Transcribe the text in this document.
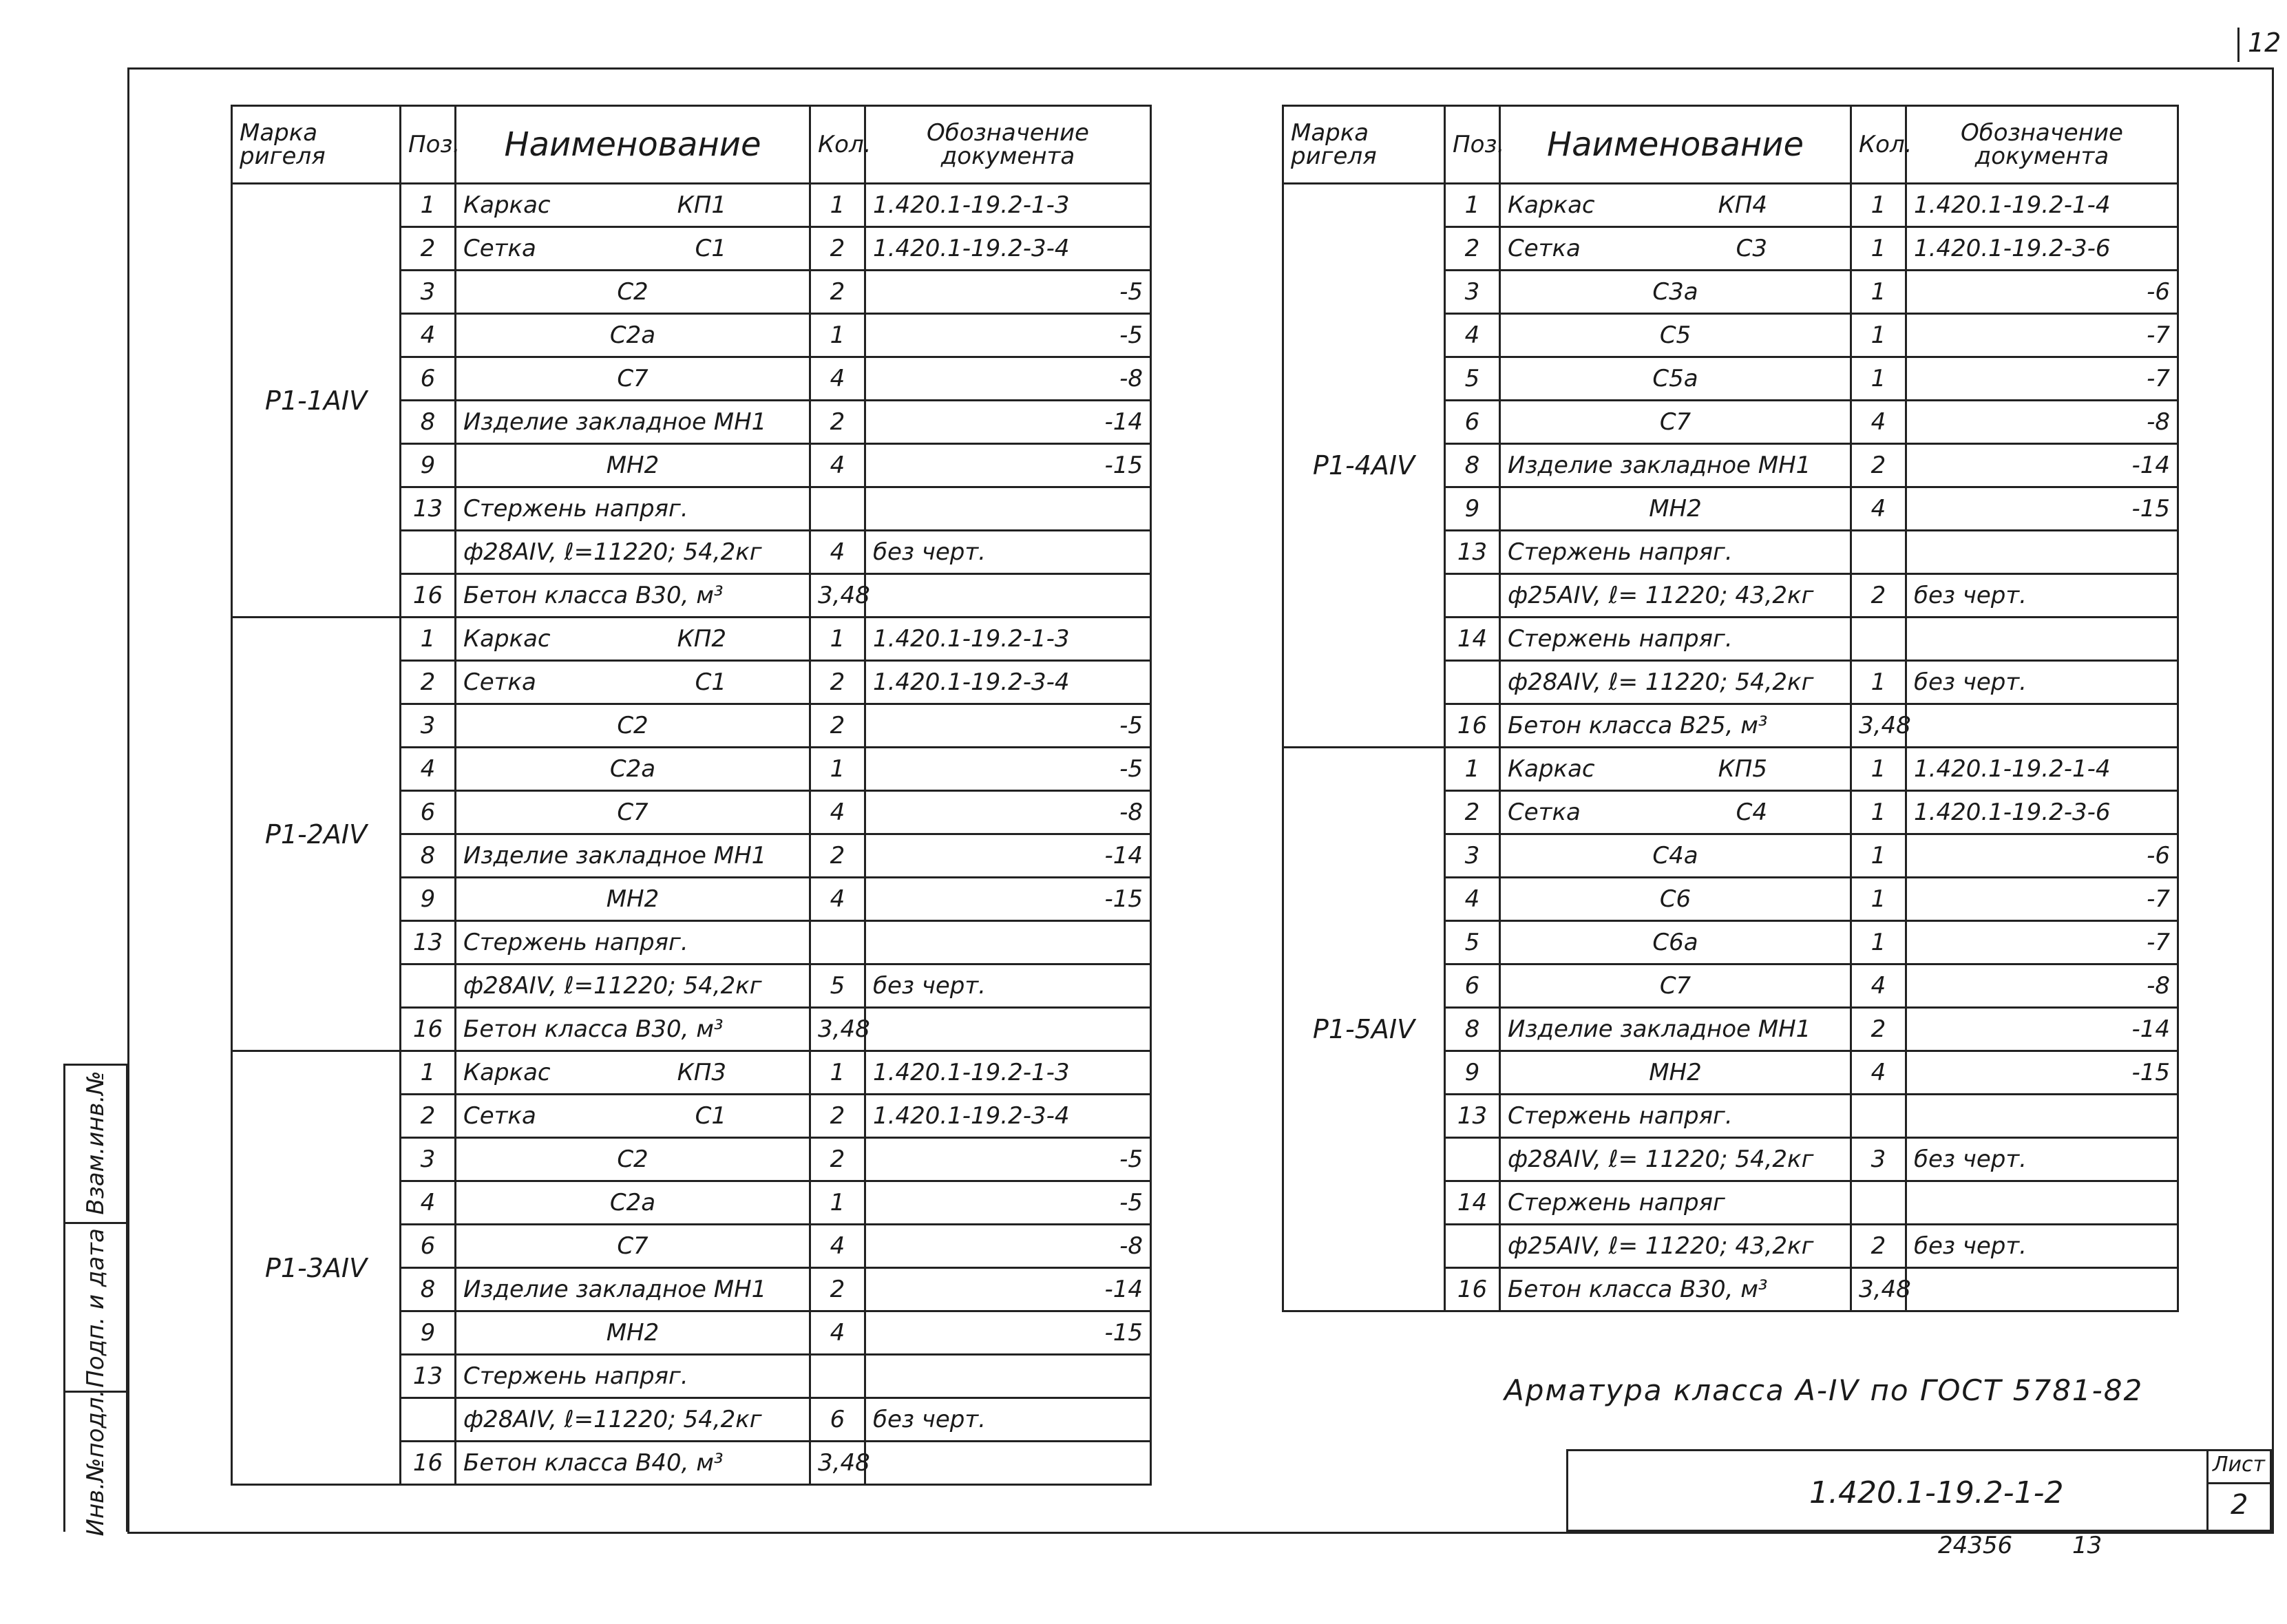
12
Взам.инв.№
Подп. и дата
Инв.№подл.
Марка ригеля	Поз.	Наименование	Кол.	Обозначение документа
Р1-1АIV	1	Каркас КП1	1	1.420.1-19.2-1-3
	2	Сетка С1	2	1.420.1-19.2-3-4
	3	С2	2	-5
	4	С2а	1	-5
	6	С7	4	-8
	8	Изделие закладное МН1	2	-14
	9	МН2	4	-15
	13	Стержень напряг.		

		ф28АIV, ℓ=11220; 54,2кг	4	без черт.
	16	Бетон класса В30, м³	3,48	
Р1-2АIV	1	Каркас КП2	1	1.420.1-19.2-1-3
	2	Сетка С1	2	1.420.1-19.2-3-4
	3	С2	2	-5
	4	С2а	1	-5
	6	С7	4	-8
	8	Изделие закладное МН1	2	-14
	9	МН2	4	-15
	13	Стержень напряг.		

		ф28АIV, ℓ=11220; 54,2кг	5	без черт.
	16	Бетон класса В30, м³	3,48	
Р1-3АIV	1	Каркас КП3	1	1.420.1-19.2-1-3
	2	Сетка С1	2	1.420.1-19.2-3-4
	3	С2	2	-5
	4	С2а	1	-5
	6	С7	4	-8
	8	Изделие закладное МН1	2	-14
	9	МН2	4	-15
	13	Стержень напряг.		

		ф28АIV, ℓ=11220; 54,2кг	6	без черт.
	16	Бетон класса В40, м³	3,48	
Марка ригеля	Поз.	Наименование	Кол.	Обозначение документа
Р1-4АIV	1	Каркас КП4	1	1.420.1-19.2-1-4
	2	Сетка С3	1	1.420.1-19.2-3-6
	3	С3а	1	-6
	4	С5	1	-7
	5	С5а	1	-7
	6	С7	4	-8
	8	Изделие закладное МН1	2	-14
	9	МН2	4	-15
	13	Стержень напряг.		

		ф25АIV, ℓ= 11220; 43,2кг	2	без черт.
	14	Стержень напряг.		

		ф28АIV, ℓ= 11220; 54,2кг	1	без черт.
	16	Бетон класса В25, м³	3,48	
Р1-5АIV	1	Каркас КП5	1	1.420.1-19.2-1-4
	2	Сетка С4	1	1.420.1-19.2-3-6
	3	С4а	1	-6
	4	С6	1	-7
	5	С6а	1	-7
	6	С7	4	-8
	8	Изделие закладное МН1	2	-14
	9	МН2	4	-15
	13	Стержень напряг.		

		ф28АIV, ℓ= 11220; 54,2кг	3	без черт.
	14	Стержень напряг		

		ф25АIV, ℓ= 11220; 43,2кг	2	без черт.
	16	Бетон класса В30, м³	3,48	
Арматура класса А-IV по ГОСТ 5781-82
1.420.1-19.2-1-2
Лист
2
24356	13
